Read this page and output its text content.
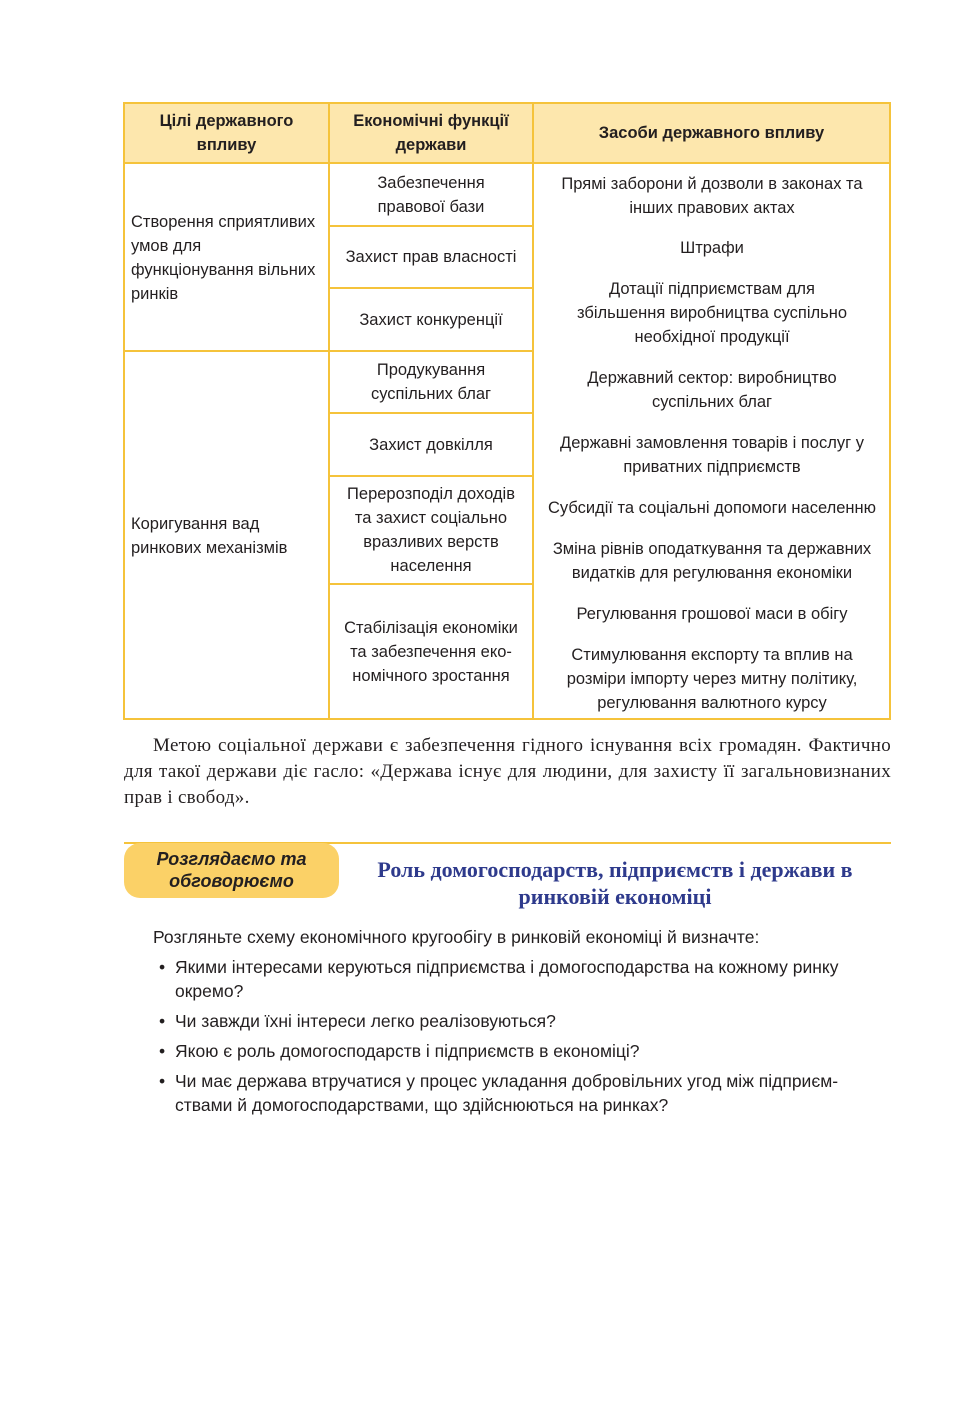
Цілі державного впливу
Економічні функції держави
Засоби державного впливу
Створення сприятливих умов для функціонування вільних ринків
Коригування вад ринкових механізмів
Забезпечення правової бази
Захист прав власності
Захист конкуренції
Продукування суспільних благ
Захист довкілля
Перерозподіл доходів та захист соціально вразливих верств населення
Стабілізація економіки та забезпечення еко-номічного зростання
Прямі заборони й дозволи в законах та інших правових актах
Штрафи
Дотації підприємствам для збільшення виробництва суспільно необхідної продукції
Державний сектор: виробництво суспільних благ
Державні замовлення товарів і послуг у приватних підприємств
Субсидії та соціальні допомоги населенню
Зміна рівнів оподаткування та державних видатків для регулювання економіки
Регулювання грошової маси в обігу
Стимулювання експорту та вплив на розміри імпорту через митну політику, регулювання валютного курсу
Метою соціальної держави є забезпечення гідного існування всіх громадян. Фактично для такої держави діє гасло: «Держава існує для людини, для захисту її загальновизнаних прав і свобод».
Розглядаємо та обговорюємо	Роль домогосподарств, підприємств і держави в ринковій економіці
Розгляньте схему економічного кругообігу в ринковій економіці й визначте:
• Якими інтересами керуються підприємства і домогосподарства на кожному ринку окремо?
• Чи завжди їхні інтереси легко реалізовуються?
• Якою є роль домогосподарств і підприємств в економіці?
• Чи має держава втручатися у процес укладання добровільних угод між підприєм-ствами й домогосподарствами, що здійснюються на ринках?
